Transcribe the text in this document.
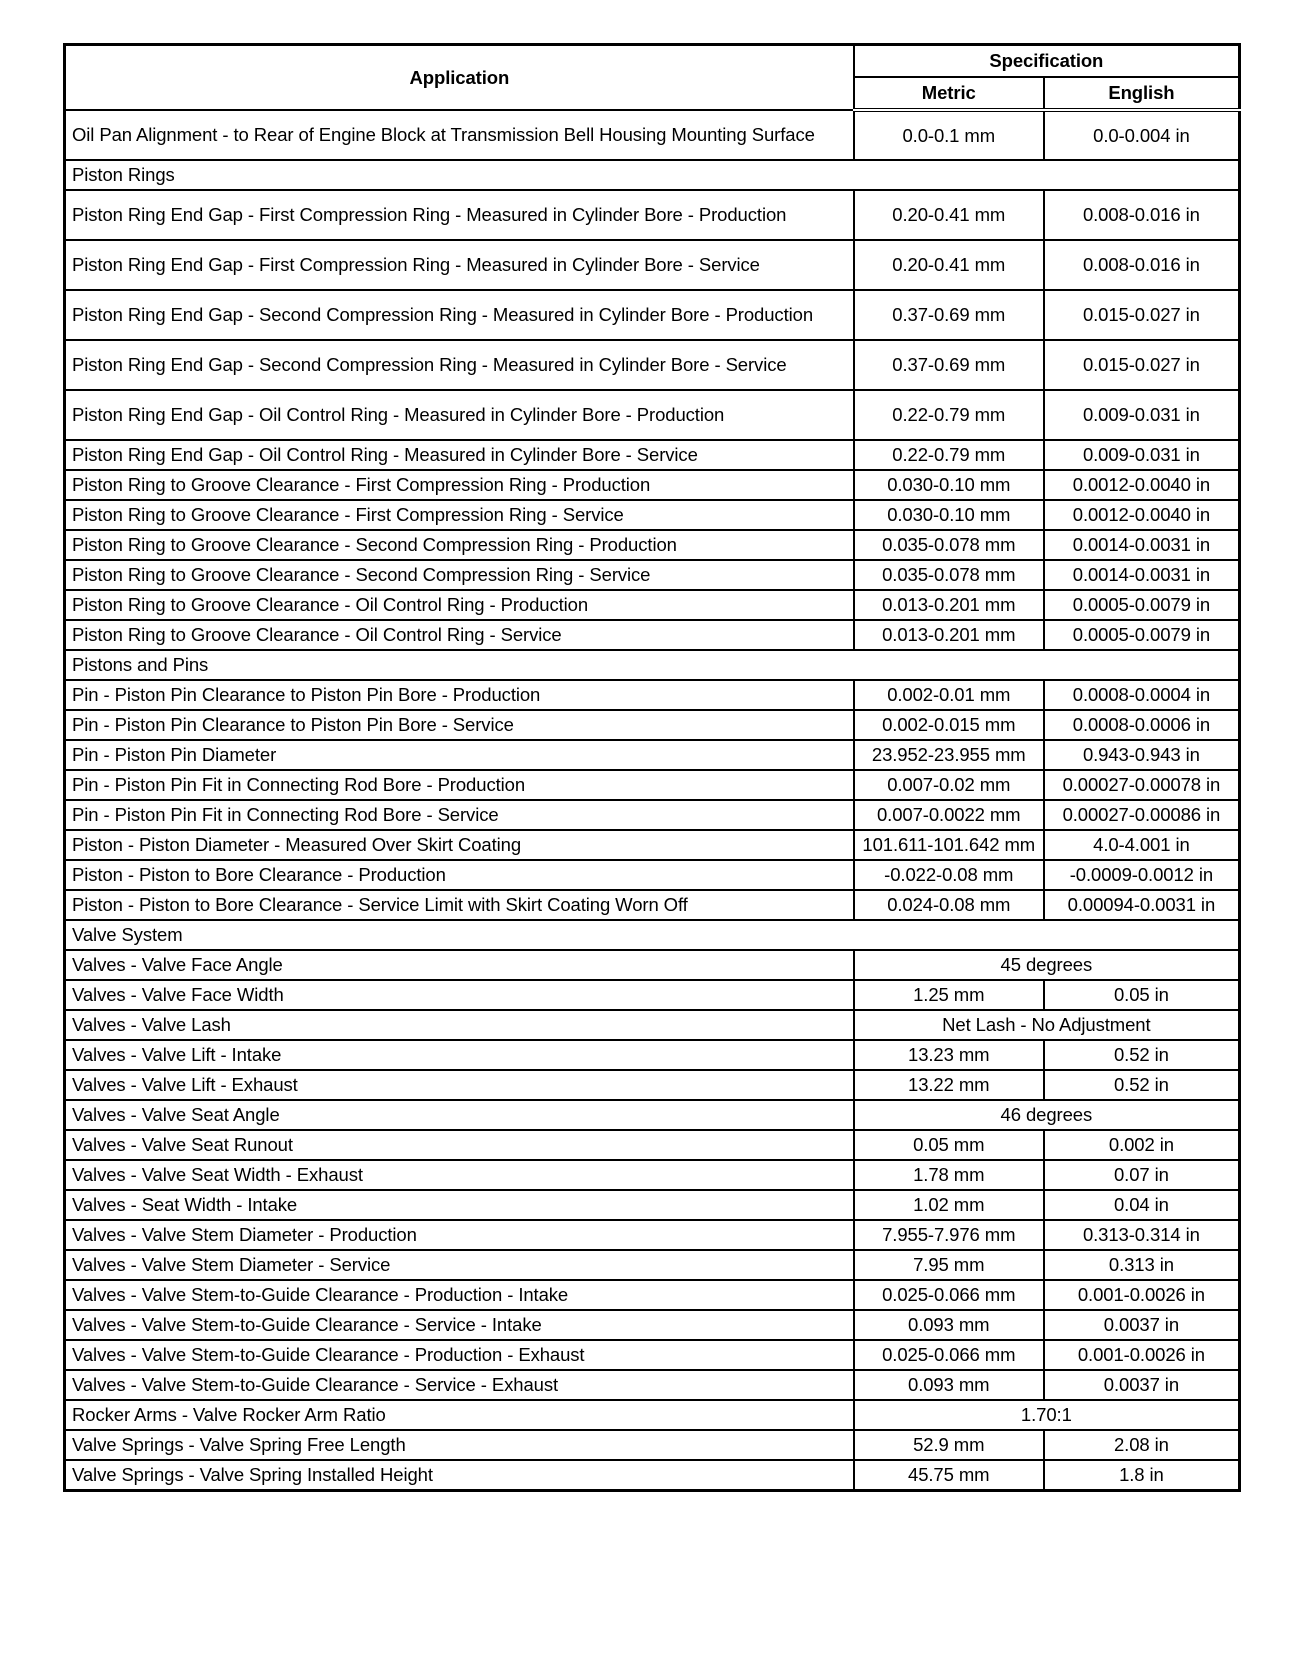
Application	Specification	
	Metric	English
Oil Pan Alignment - to Rear of Engine Block at Transmission Bell Housing Mounting Surface	0.0-0.1 mm	0.0-0.004 in
Piston Rings		
Piston Ring End Gap - First Compression Ring - Measured in Cylinder Bore - Production	0.20-0.41 mm	0.008-0.016 in
Piston Ring End Gap - First Compression Ring - Measured in Cylinder Bore - Service	0.20-0.41 mm	0.008-0.016 in
Piston Ring End Gap - Second Compression Ring - Measured in Cylinder Bore - Production	0.37-0.69 mm	0.015-0.027 in
Piston Ring End Gap - Second Compression Ring - Measured in Cylinder Bore - Service	0.37-0.69 mm	0.015-0.027 in
Piston Ring End Gap - Oil Control Ring - Measured in Cylinder Bore - Production	0.22-0.79 mm	0.009-0.031 in
Piston Ring End Gap - Oil Control Ring - Measured in Cylinder Bore - Service	0.22-0.79 mm	0.009-0.031 in
Piston Ring to Groove Clearance - First Compression Ring - Production	0.030-0.10 mm	0.0012-0.0040 in
Piston Ring to Groove Clearance - First Compression Ring - Service	0.030-0.10 mm	0.0012-0.0040 in
Piston Ring to Groove Clearance - Second Compression Ring - Production	0.035-0.078 mm	0.0014-0.0031 in
Piston Ring to Groove Clearance - Second Compression Ring - Service	0.035-0.078 mm	0.0014-0.0031 in
Piston Ring to Groove Clearance - Oil Control Ring - Production	0.013-0.201 mm	0.0005-0.0079 in
Piston Ring to Groove Clearance - Oil Control Ring - Service	0.013-0.201 mm	0.0005-0.0079 in
Pistons and Pins		
Pin - Piston Pin Clearance to Piston Pin Bore - Production	0.002-0.01 mm	0.0008-0.0004 in
Pin - Piston Pin Clearance to Piston Pin Bore - Service	0.002-0.015 mm	0.0008-0.0006 in
Pin - Piston Pin Diameter	23.952-23.955 mm	0.943-0.943 in
Pin - Piston Pin Fit in Connecting Rod Bore - Production	0.007-0.02 mm	0.00027-0.00078 in
Pin - Piston Pin Fit in Connecting Rod Bore - Service	0.007-0.0022 mm	0.00027-0.00086 in
Piston - Piston Diameter - Measured Over Skirt Coating	101.611-101.642 mm	4.0-4.001 in
Piston - Piston to Bore Clearance - Production	-0.022-0.08 mm	-0.0009-0.0012 in
Piston - Piston to Bore Clearance - Service Limit with Skirt Coating Worn Off	0.024-0.08 mm	0.00094-0.0031 in
Valve System		
Valves - Valve Face Angle	45 degrees	
Valves - Valve Face Width	1.25 mm	0.05 in
Valves - Valve Lash	Net Lash - No Adjustment	
Valves - Valve Lift - Intake	13.23 mm	0.52 in
Valves - Valve Lift - Exhaust	13.22 mm	0.52 in
Valves - Valve Seat Angle	46 degrees	
Valves - Valve Seat Runout	0.05 mm	0.002 in
Valves - Valve Seat Width - Exhaust	1.78 mm	0.07 in
Valves - Seat Width - Intake	1.02 mm	0.04 in
Valves - Valve Stem Diameter - Production	7.955-7.976 mm	0.313-0.314 in
Valves - Valve Stem Diameter - Service	7.95 mm	0.313 in
Valves - Valve Stem-to-Guide Clearance - Production - Intake	0.025-0.066 mm	0.001-0.0026 in
Valves - Valve Stem-to-Guide Clearance - Service - Intake	0.093 mm	0.0037 in
Valves - Valve Stem-to-Guide Clearance - Production - Exhaust	0.025-0.066 mm	0.001-0.0026 in
Valves - Valve Stem-to-Guide Clearance - Service - Exhaust	0.093 mm	0.0037 in
Rocker Arms - Valve Rocker Arm Ratio	1.70:1	
Valve Springs - Valve Spring Free Length	52.9 mm	2.08 in
Valve Springs - Valve Spring Installed Height	45.75 mm	1.8 in
